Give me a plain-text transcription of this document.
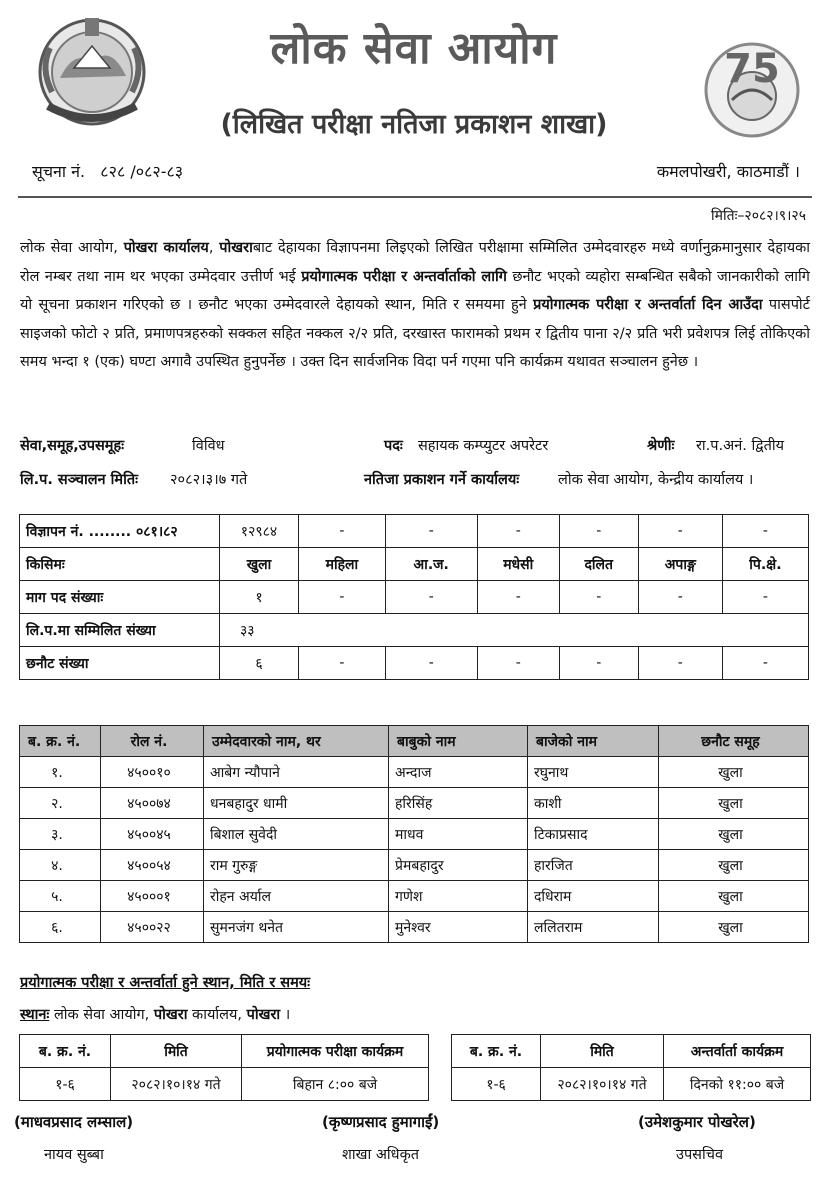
75
लोक सेवा आयोग
(लिखित परीक्षा नतिजा प्रकाशन शाखा)
सूचना नं.   ८२८ /०८२-८३	कमलपोखरी, काठमाडौं ।
मितिः–२०८२।९।२५
लोक सेवा आयोग, पोखरा कार्यालय, पोखराबाट देहायका विज्ञापनमा लिइएको लिखित परीक्षामा सम्मिलित उम्मेदवारहरु मध्ये वर्णानुक्रमानुसार देहायका रोल नम्बर तथा नाम थर भएका उम्मेदवार उत्तीर्ण भई प्रयोगात्मक परीक्षा र अन्तर्वार्ताको लागि छनौट भएको व्यहोरा सम्बन्धित सबैको जानकारीको लागि यो सूचना प्रकाशन गरिएको छ । छनौट भएका उम्मेदवारले देहायको स्थान, मिति र समयमा हुने प्रयोगात्मक परीक्षा र अन्तर्वार्ता दिन आउँदा पासपोर्ट साइजको फोटो २ प्रति, प्रमाणपत्रहरुको सक्कल सहित नक्कल २/२ प्रति, दरखास्त फारामको प्रथम र द्वितीय पाना २/२ प्रति भरी प्रवेशपत्र लिई तोकिएको समय भन्दा १ (एक) घण्टा अगावै उपस्थित हुनुपर्नेछ । उक्त दिन सार्वजनिक विदा पर्न गएमा पनि कार्यक्रम यथावत सञ्चालन हुनेछ ।
सेवा,समूह,उपसमूहः	विविध	पदः सहायक कम्प्युटर अपरेटर	श्रेणीः रा.प.अनं. द्वितीय
लि.प. सञ्चालन मितिः २०८२।३।७ गते	नतिजा प्रकाशन गर्ने कार्यालयः	लोक सेवा आयोग, केन्द्रीय कार्यालय ।
विज्ञापन नं. ........ ०८१।८२	१२९८४	-	-	-	-	-	-
किसिमः	खुला	महिला	आ.ज.	मधेसी	दलित	अपाङ्ग	पि.क्षे.
माग पद संख्याः	१	-	-	-	-	-	-
लि.प.मा सम्मिलित संख्या	३३						
छनौट संख्या	६	-	-	-	-	-	-
ब. क्र. नं.	रोल नं.	उम्मेदवारको नाम, थर	बाबुको नाम	बाजेको नाम	छनौट समूह
१.	४५००१०	आबेग न्यौपाने	अन्दाज	रघुनाथ	खुला
२.	४५००७४	धनबहादुर धामी	हरिसिंह	काशी	खुला
३.	४५००४५	बिशाल सुवेदी	माधव	टिकाप्रसाद	खुला
४.	४५००५४	राम गुरुङ्ग	प्रेमबहादुर	हारजित	खुला
५.	४५०००१	रोहन अर्याल	गणेश	दधिराम	खुला
६.	४५००२२	सुमनजंग थनेत	मुनेश्वर	ललितराम	खुला
प्रयोगात्मक परीक्षा र अन्तर्वार्ता हुने स्थान, मिति र समयः
स्थानः लोक सेवा आयोग, पोखरा कार्यालय, पोखरा ।
ब. क्र. नं.	मिति	प्रयोगात्मक परीक्षा कार्यक्रम
१-६	२०८२।१०।१४ गते	बिहान ८:०० बजे
ब. क्र. नं.	मिति	अन्तर्वार्ता कार्यक्रम
१-६	२०८२।१०।१४ गते	दिनको ११:०० बजे
(माधवप्रसाद लम्साल)
नायव सुब्बा
(कृष्णप्रसाद हुमागाईं)
शाखा अधिकृत
(उमेशकुमार पोखरेल)
उपसचिव
